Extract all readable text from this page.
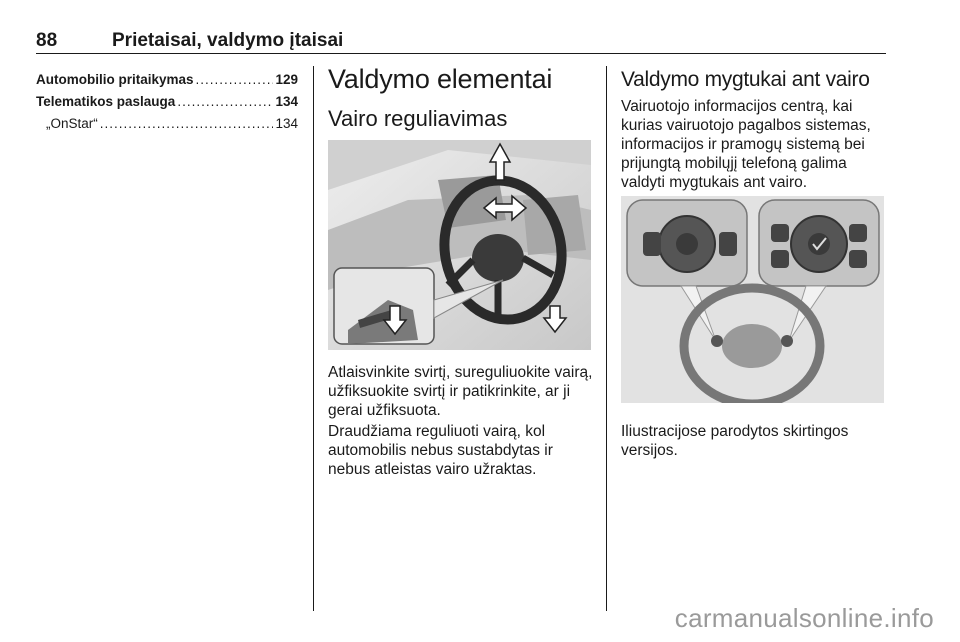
88	Prietaisai, valdymo įtaisai
Automobilio pritaikymas .....	129
Telematikos paslauga .....	134
„OnStar“ .....	134
Valdymo elementai
Vairo reguliavimas

Atlaisvinkite svirtį, sureguliuokite vairą, užfiksuokite svirtį ir patikrinkite, ar ji gerai užfiksuota.

Draudžiama reguliuoti vairą, kol automobilis nebus sustabdytas ir nebus atleistas vairo užraktas.

Valdymo mygtukai ant vairo

Vairuotojo informacijos centrą, kai kurias vairuotojo pagalbos sistemas, informacijos ir pramogų sistemą bei prijungtą mobilųjį telefoną galima valdyti mygtukais ant vairo.

Iliustracijose parodytos skirtingos versijos.

carmanualsonline.info
